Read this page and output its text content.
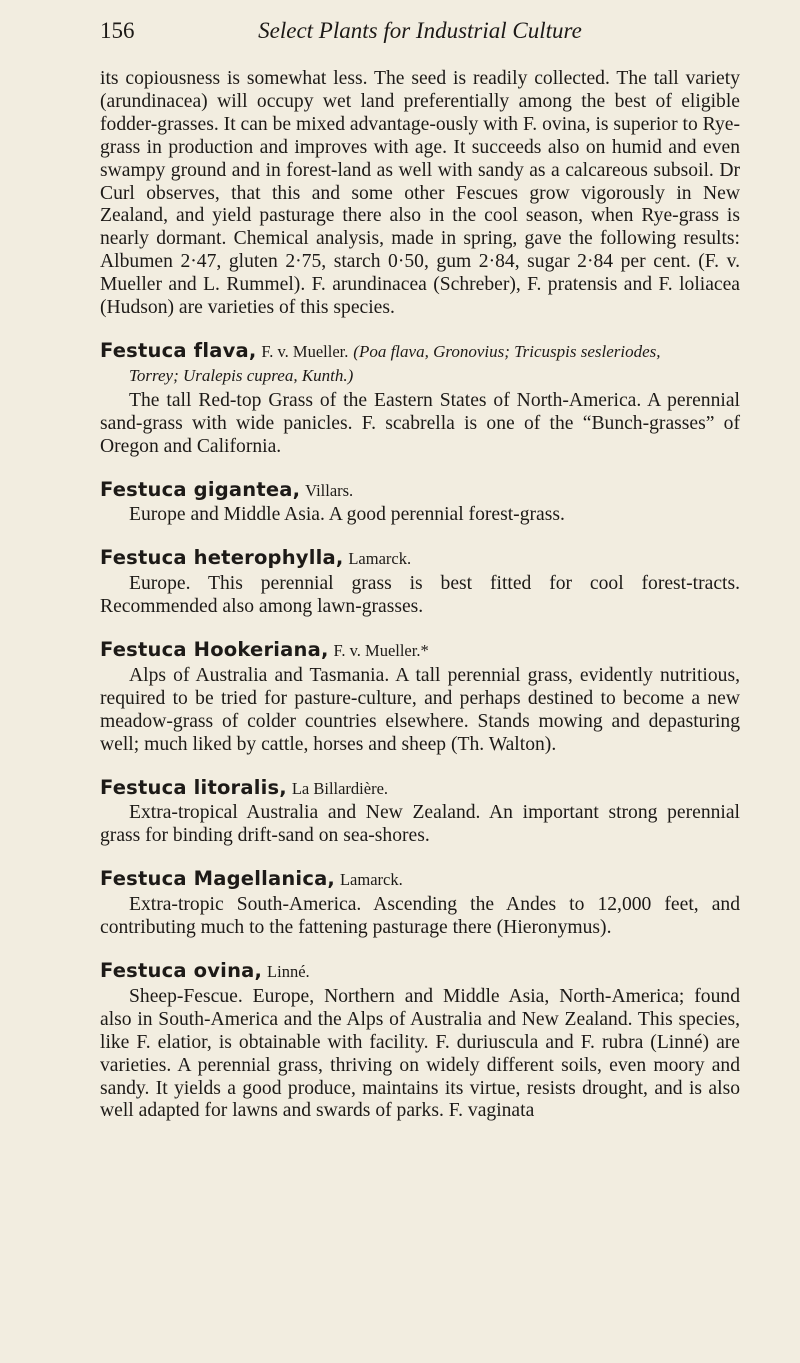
156	Select Plants for Industrial Culture

its copiousness is somewhat less. The seed is readily collected. The tall variety (arundinacea) will occupy wet land preferentially among the best of eligible fodder-grasses. It can be mixed advantage-ously with F. ovina, is superior to Rye-grass in production and improves with age. It succeeds also on humid and even swampy ground and in forest-land as well with sandy as a calcareous subsoil. Dr Curl observes, that this and some other Fescues grow vigorously in New Zealand, and yield pasturage there also in the cool season, when Rye-grass is nearly dormant. Chemical analysis, made in spring, gave the following results: Albumen 2·47, gluten 2·75, starch 0·50, gum 2·84, sugar 2·84 per cent. (F. v. Mueller and L. Rummel). F. arundinacea (Schreber), F. pratensis and F. loliacea (Hudson) are varieties of this species.

Festuca flava, F. v. Mueller. (Poa flava, Gronovius; Tricuspis sesleriodes,

Torrey; Uralepis cuprea, Kunth.)

The tall Red-top Grass of the Eastern States of North-America. A perennial sand-grass with wide panicles. F. scabrella is one of the “Bunch-grasses” of Oregon and California.

Festuca gigantea, Villars.

Europe and Middle Asia. A good perennial forest-grass.

Festuca heterophylla, Lamarck.

Europe. This perennial grass is best fitted for cool forest-tracts. Recommended also among lawn-grasses.

Festuca Hookeriana, F. v. Mueller.*

Alps of Australia and Tasmania. A tall perennial grass, evidently nutritious, required to be tried for pasture-culture, and perhaps destined to become a new meadow-grass of colder countries elsewhere. Stands mowing and depasturing well; much liked by cattle, horses and sheep (Th. Walton).

Festuca litoralis, La Billardière.

Extra-tropical Australia and New Zealand. An important strong perennial grass for binding drift-sand on sea-shores.

Festuca Magellanica, Lamarck.

Extra-tropic South-America. Ascending the Andes to 12,000 feet, and contributing much to the fattening pasturage there (Hieronymus).

Festuca ovina, Linné.

Sheep-Fescue. Europe, Northern and Middle Asia, North-America; found also in South-America and the Alps of Australia and New Zealand. This species, like F. elatior, is obtainable with facility. F. duriuscula and F. rubra (Linné) are varieties. A perennial grass, thriving on widely different soils, even moory and sandy. It yields a good produce, maintains its virtue, resists drought, and is also well adapted for lawns and swards of parks. F. vaginata
